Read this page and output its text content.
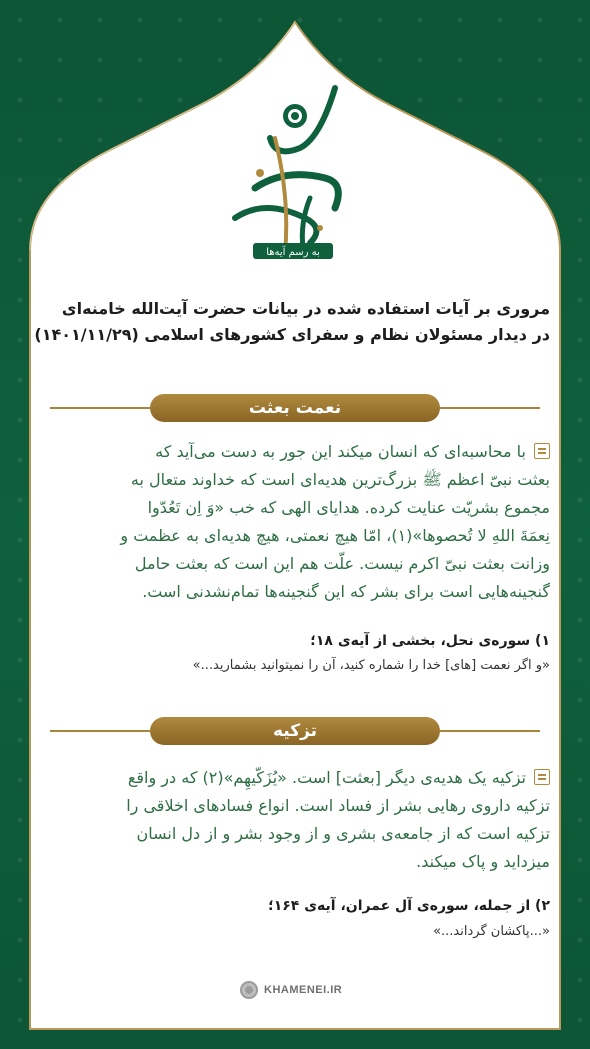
به رسم آیه‌ها
مروری بر آیات استفاده شده در بیانات حضرت آیت‌الله خامنه‌ای
در دیدار مسئولان نظام و سفرای کشورهای اسلامی (۱۴۰۱/۱۱/۲۹)
نعمت بعثت
با محاسبه‌ای که انسان میکند این جور به دست می‌آید که
بعثت نبیّ اعظم ﷺ بزرگ‌ترین هدیه‌ای است که خداوند متعال به
مجموع بشریّت عنایت کرده. هدایای الهی که خب «وَ اِن تَعُدّوا
نِعمَةَ اللهِ لا تُحصوها»(۱)، امّا هیچ نعمتی، هیچ هدیه‌ای به عظمت و
وزانت بعثت نبیّ اکرم نیست. علّت هم این است که بعثت حامل
گنجینه‌هایی است برای بشر که این گنجینه‌ها تمام‌نشدنی است.
۱) سوره‌ی نحل، بخشی از آیه‌ی ۱۸؛
«و اگر نعمت [های] خدا را شماره کنید، آن را نمیتوانید بشمارید...»
تزکیه
تزکیه یک هدیه‌ی دیگر [بعثت] است. «یُزَکّیهِم»(۲) که در واقع
تزکیه داروی رهایی بشر از فساد است. انواع فسادهای اخلاقی را
تزکیه است که از جامعه‌ی بشری و از وجود بشر و از دل انسان
میزداید و پاک میکند.
۲) از جمله، سوره‌ی آل عمران، آیه‌ی ۱۶۴؛
«...پاکشان گرداند...»
KHAMENEI.IR
